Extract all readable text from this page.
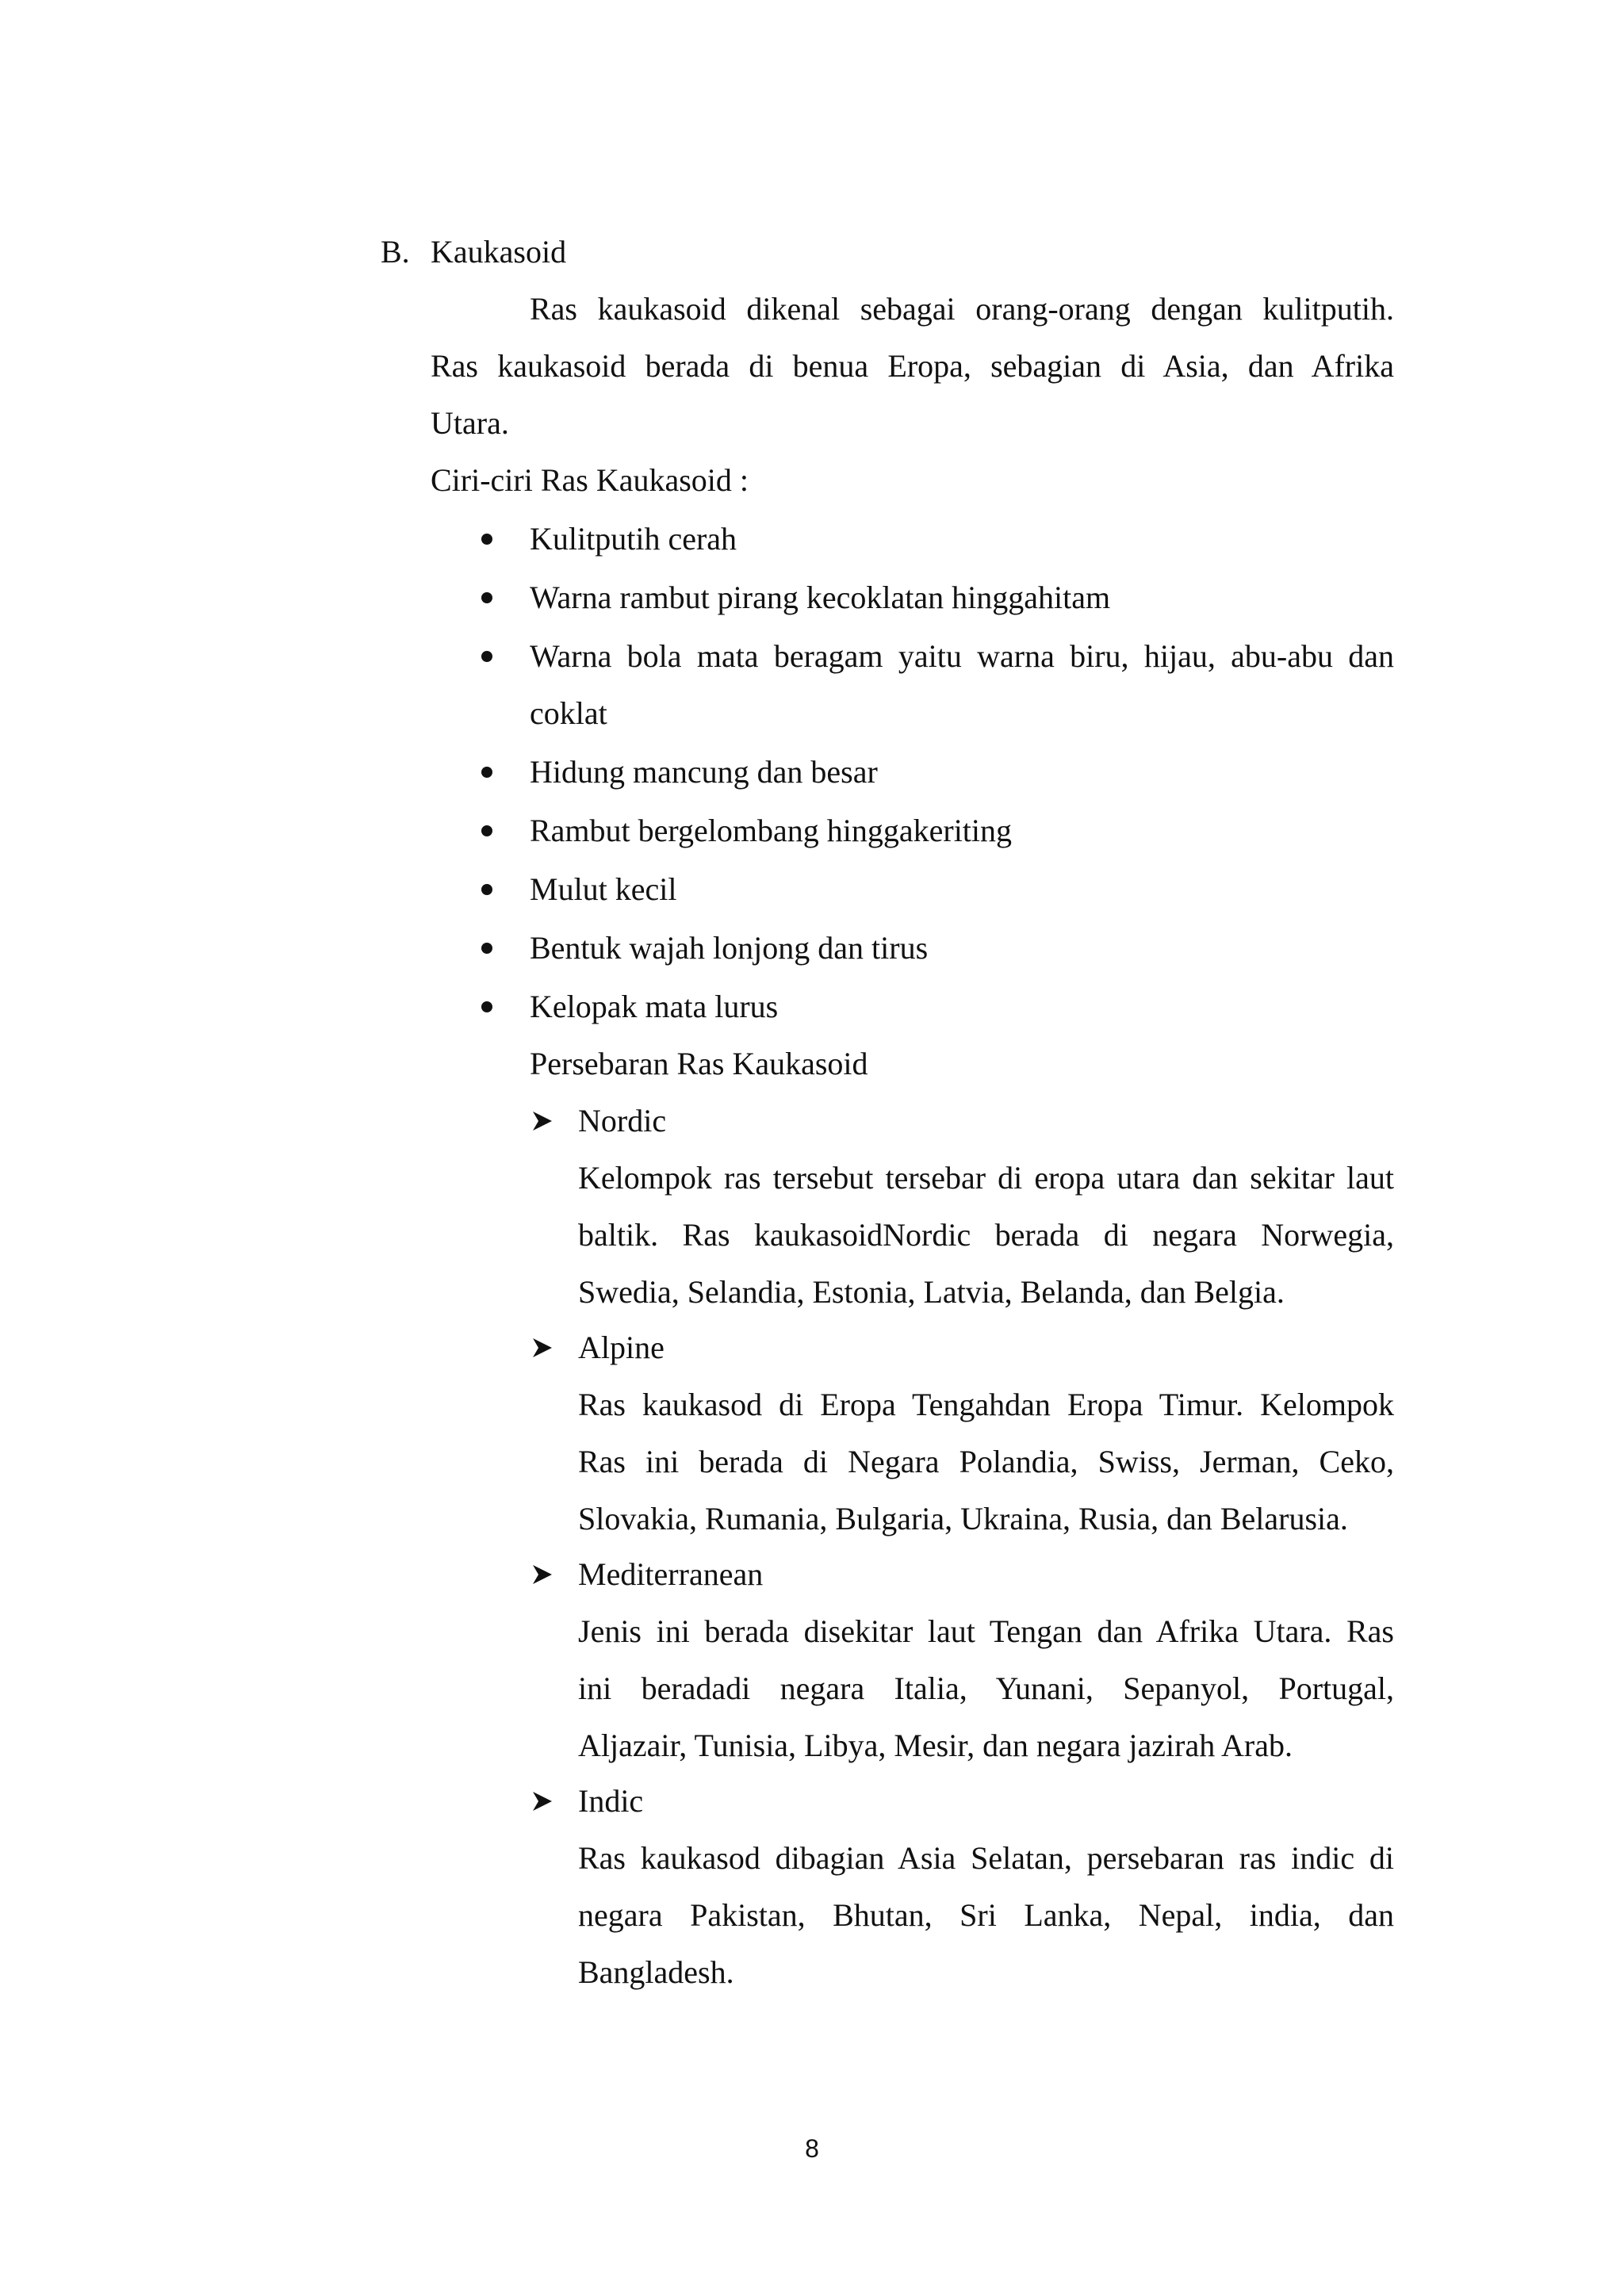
B. Kaukasoid
Ras kaukasoid dikenal sebagai orang-orang dengan kulitputih.
Ras kaukasoid berada di benua Eropa, sebagian di Asia, dan Afrika
Utara.
Ciri-ciri Ras Kaukasoid :
Kulitputih cerah
Warna rambut pirang kecoklatan hinggahitam
Warna bola mata beragam yaitu warna biru, hijau, abu-abu dan
coklat
Hidung mancung dan besar
Rambut bergelombang hinggakeriting
Mulut kecil
Bentuk wajah lonjong dan tirus
Kelopak mata lurus
Persebaran Ras Kaukasoid
Nordic
Kelompok ras tersebut tersebar di eropa utara dan sekitar laut
baltik. Ras kaukasoidNordic berada di negara Norwegia,
Swedia, Selandia, Estonia, Latvia, Belanda, dan Belgia.
Alpine
Ras kaukasod di Eropa Tengahdan Eropa Timur. Kelompok
Ras ini berada di Negara Polandia, Swiss, Jerman, Ceko,
Slovakia, Rumania, Bulgaria, Ukraina, Rusia, dan Belarusia.
Mediterranean
Jenis ini berada disekitar laut Tengan dan Afrika Utara. Ras
ini beradadi negara Italia, Yunani, Sepanyol, Portugal,
Aljazair, Tunisia, Libya, Mesir, dan negara jazirah Arab.
Indic
Ras kaukasod dibagian Asia Selatan, persebaran ras indic di
negara Pakistan, Bhutan, Sri Lanka, Nepal, india, dan
Bangladesh.
8
